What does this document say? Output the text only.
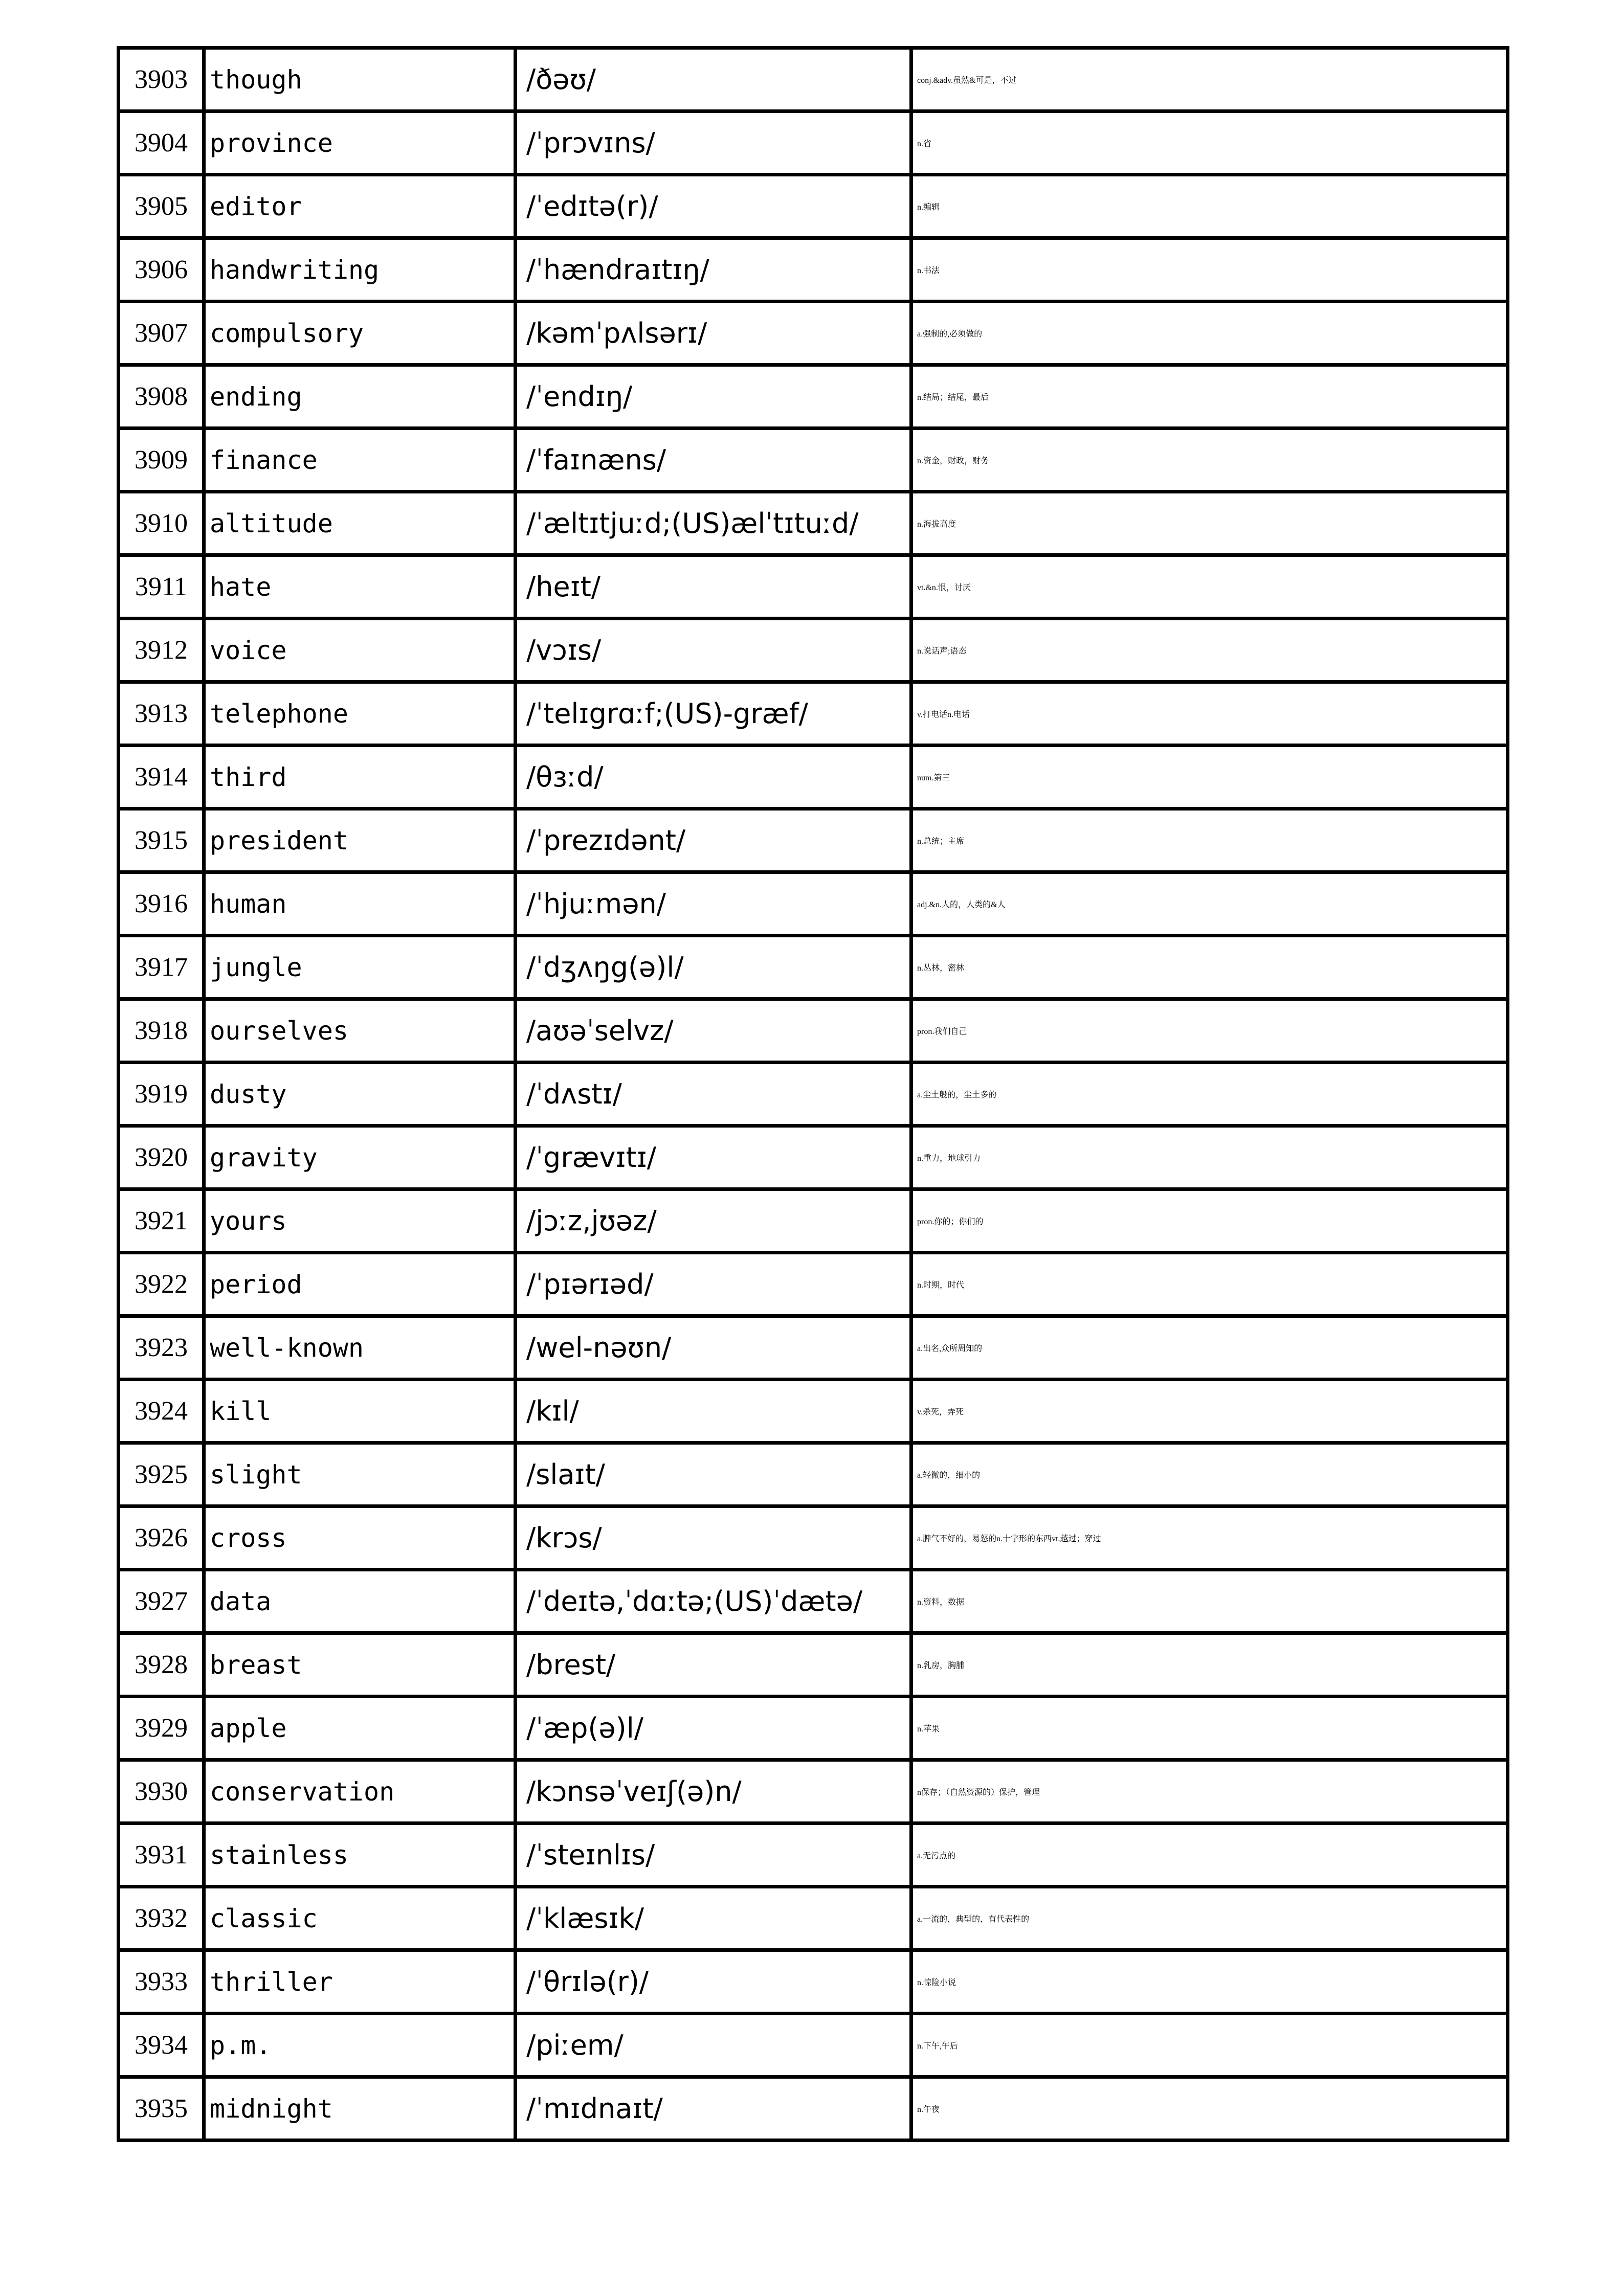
3903	though	/ðəʊ/	conj.&adv.虽然&可是，不过
3904	province	/ˈprɔvɪns/	n.省
3905	editor	/ˈedɪtə(r)/	n.编辑
3906	handwriting	/ˈhændraɪtɪŋ/	n.书法
3907	compulsory	/kəmˈpʌlsərɪ/	a.强制的,必须做的
3908	ending	/ˈendɪŋ/	n.结局；结尾，最后
3909	finance	/ˈfaɪnæns/	n.资金，财政，财务
3910	altitude	/ˈæltɪtjuːd;(US)ælˈtɪtuːd/	n.海拔高度
3911	hate	/heɪt/	vt.&n.恨，讨厌
3912	voice	/vɔɪs/	n.说话声;语态
3913	telephone	/ˈtelɪgrɑːf;(US)-græf/	v.打电话n.电话
3914	third	/θɜːd/	num.第三
3915	president	/ˈprezɪdənt/	n.总统；主席
3916	human	/ˈhjuːmən/	adj.&n.人的，人类的&人
3917	jungle	/ˈdʒʌŋg(ə)l/	n.丛林，密林
3918	ourselves	/aʊəˈselvz/	pron.我们自己
3919	dusty	/ˈdʌstɪ/	a.尘土般的，尘土多的
3920	gravity	/ˈgrævɪtɪ/	n.重力，地球引力
3921	yours	/jɔːz,jʊəz/	pron.你的；你们的
3922	period	/ˈpɪərɪəd/	n.时期，时代
3923	well-known	/wel-nəʊn/	a.出名,众所周知的
3924	kill	/kɪl/	v.杀死，弄死
3925	slight	/slaɪt/	a.轻微的，细小的
3926	cross	/krɔs/	a.脾气不好的，易怒的n.十字形的东西vt.越过；穿过
3927	data	/ˈdeɪtə,ˈdɑːtə;(US)ˈdætə/	n.资料，数据
3928	breast	/brest/	n.乳房，胸脯
3929	apple	/ˈæp(ə)l/	n.苹果
3930	conservation	/kɔnsəˈveɪʃ(ə)n/	n保存；（自然资源的）保护，管理
3931	stainless	/ˈsteɪnlɪs/	a.无污点的
3932	classic	/ˈklæsɪk/	a.一流的，典型的，有代表性的
3933	thriller	/ˈθrɪlə(r)/	n.惊险小说
3934	p.m.	/piːem/	n.下午,午后
3935	midnight	/ˈmɪdnaɪt/	n.午夜
